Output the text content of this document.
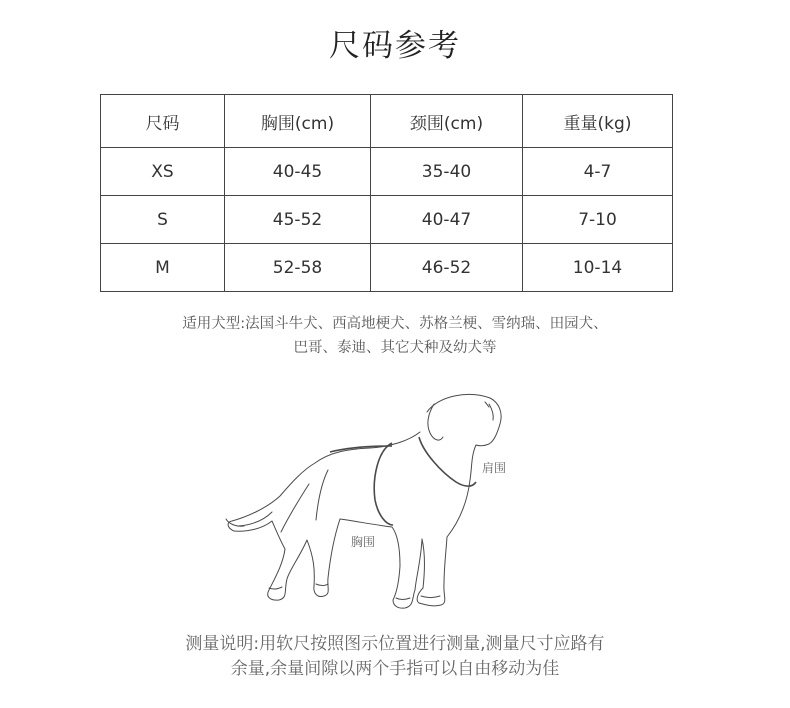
尺码参考
尺码	胸围(cm)	颈围(cm)	重量(kg)
XS	40-45	35-40	4-7
S	45-52	40-47	7-10
M	52-58	46-52	10-14
适用犬型:法国斗牛犬、西高地梗犬、苏格兰梗、雪纳瑞、田园犬、
巴哥、泰迪、其它犬种及幼犬等
肩围
胸围
测量说明:用软尺按照图示位置进行测量,测量尺寸应路有
余量,余量间隙以两个手指可以自由移动为佳
